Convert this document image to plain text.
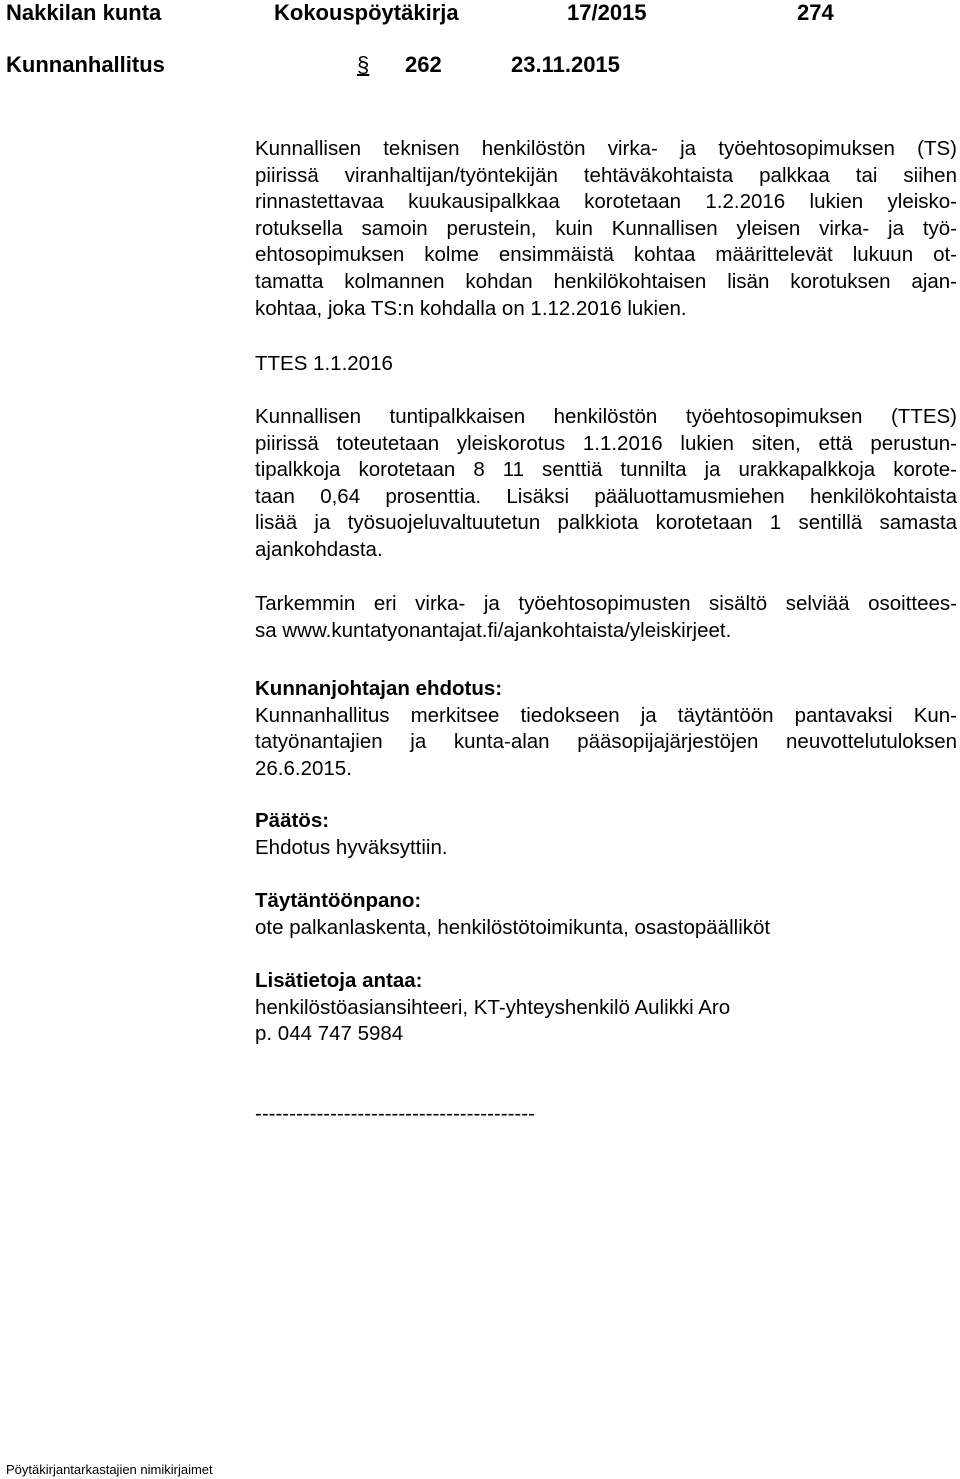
Nakkilan kunta	Kokouspöytäkirja	17/2015	274
Kunnanhallitus	§ 262	23.11.2015
Kunnallisen teknisen henkilöstön virka- ja työehtosopimuksen (TS)
piirissä viranhaltijan/työntekijän tehtäväkohtaista palkkaa tai siihen
rinnastettavaa kuukausipalkkaa korotetaan 1.2.2016 lukien yleisko-
rotuksella samoin perustein, kuin Kunnallisen yleisen virka- ja työ-
ehtosopimuksen kolme ensimmäistä kohtaa määrittelevät lukuun ot-
tamatta kolmannen kohdan henkilökohtaisen lisän korotuksen ajan-
kohtaa, joka TS:n kohdalla on 1.12.2016 lukien.
TTES 1.1.2016
Kunnallisen tuntipalkkaisen henkilöstön työehtosopimuksen (TTES)
piirissä toteutetaan yleiskorotus 1.1.2016 lukien siten, että perustun-
tipalkkoja korotetaan 8 11 senttiä tunnilta ja urakkapalkkoja korote-
taan 0,64 prosenttia. Lisäksi pääluottamusmiehen henkilökohtaista
lisää ja työsuojeluvaltuutetun palkkiota korotetaan 1 sentillä samasta
ajankohdasta.
Tarkemmin eri virka- ja työehtosopimusten sisältö selviää osoittees-
sa www.kuntatyonantajat.fi/ajankohtaista/yleiskirjeet.
Kunnanjohtajan ehdotus:
Kunnanhallitus merkitsee tiedokseen ja täytäntöön pantavaksi Kun-
tatyönantajien ja kunta-alan pääsopijajärjestöjen neuvottelutuloksen
26.6.2015.
Päätös:
Ehdotus hyväksyttiin.
Täytäntöönpano:
ote palkanlaskenta, henkilöstötoimikunta, osastopäälliköt
Lisätietoja antaa:
henkilöstöasiansihteeri, KT-yhteyshenkilö Aulikki Aro
p. 044 747 5984
-----------------------------------------
Pöytäkirjantarkastajien nimikirjaimet
